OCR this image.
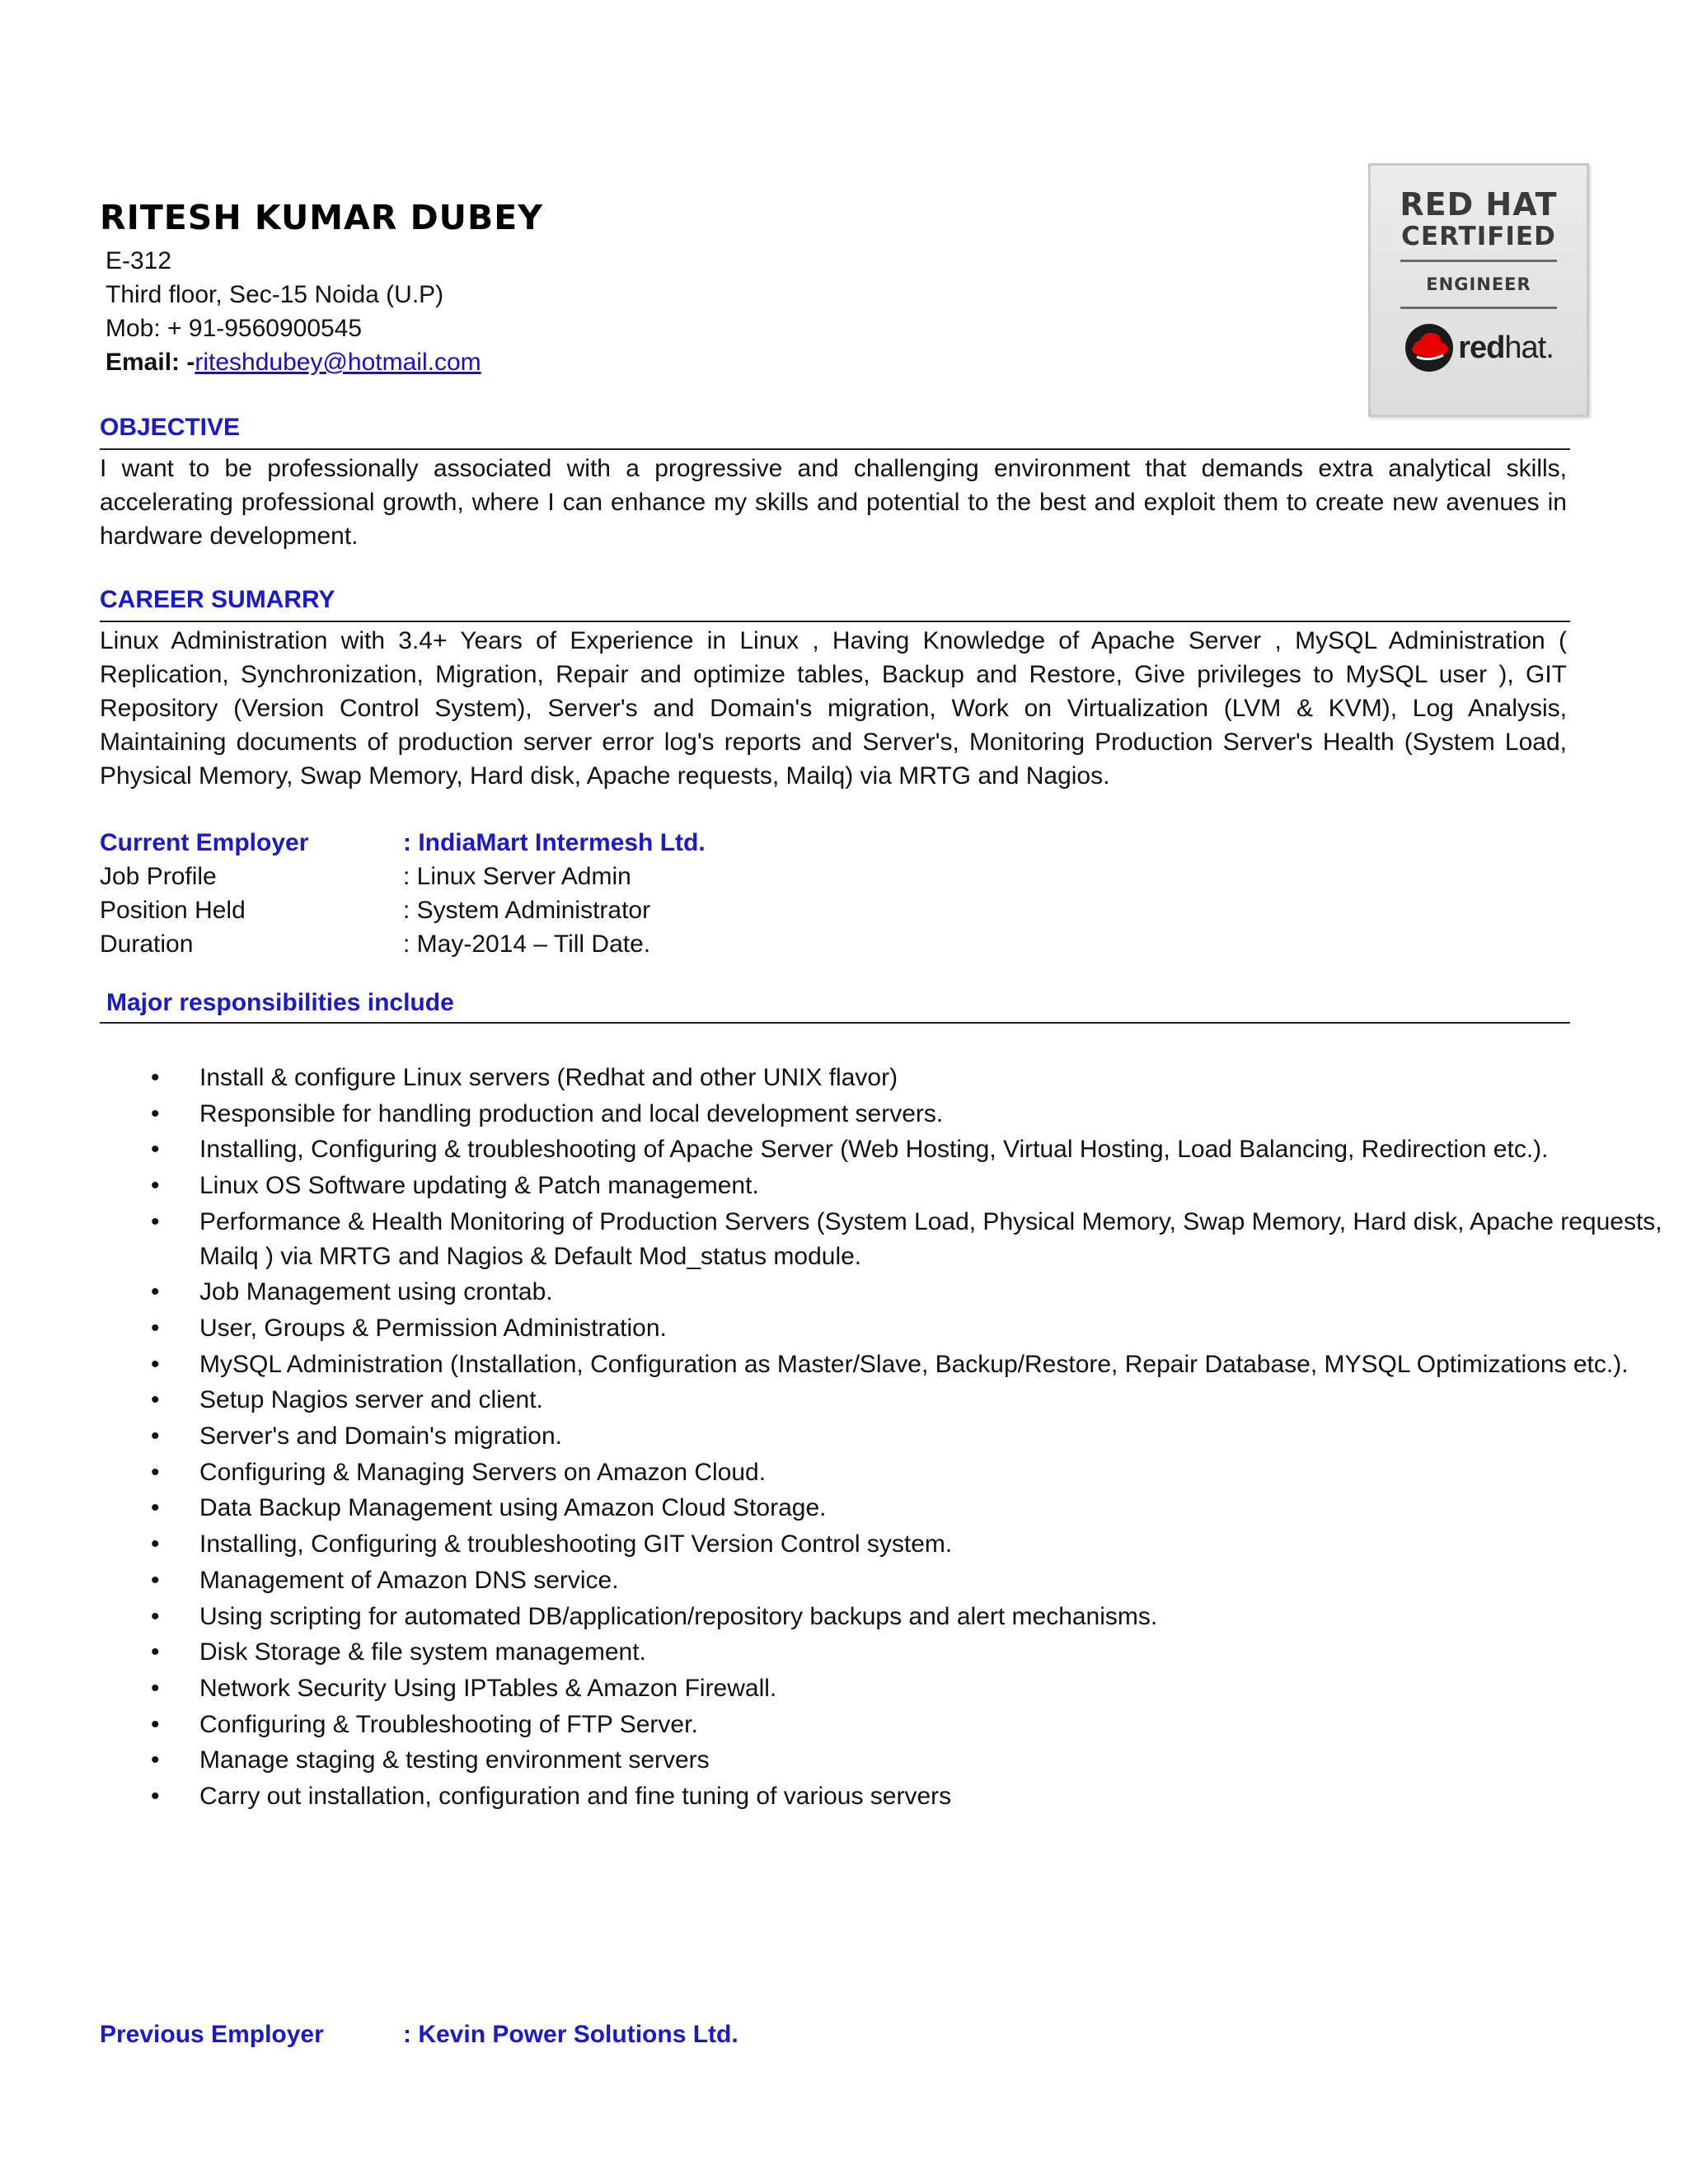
RITESH KUMAR DUBEY
E-312
Third floor, Sec-15 Noida (U.P)
Mob: + 91-9560900545
Email: -riteshdubey@hotmail.com
RED HAT
CERTIFIED
ENGINEER
redhat.
OBJECTIVE
I want to be professionally associated with a progressive and challenging environment that demands extra analytical skills, accelerating professional growth, where I can enhance my skills and potential to the best and exploit them to create new avenues in hardware development.
CAREER SUMARRY
Linux Administration with 3.4+ Years of Experience in Linux , Having Knowledge of Apache Server , MySQL Administration ( Replication, Synchronization, Migration, Repair and optimize tables, Backup and Restore, Give privileges to MySQL user ), GIT Repository (Version Control System), Server's and Domain's migration, Work on Virtualization (LVM & KVM), Log Analysis, Maintaining documents of production server error log's reports and Server's, Monitoring Production Server's Health (System Load, Physical Memory, Swap Memory, Hard disk, Apache requests, Mailq) via MRTG and Nagios.
Current Employer	: IndiaMart Intermesh Ltd.
Job Profile	: Linux Server Admin
Position Held	: System Administrator
Duration	: May-2014 – Till Date.
Major responsibilities include
• Install & configure Linux servers (Redhat and other UNIX flavor)
• Responsible for handling production and local development servers.
• Installing, Configuring & troubleshooting of Apache Server (Web Hosting, Virtual Hosting, Load Balancing, Redirection etc.).
• Linux OS Software updating & Patch management.
• Performance & Health Monitoring of Production Servers (System Load, Physical Memory, Swap Memory, Hard disk, Apache requests, Mailq ) via MRTG and Nagios & Default Mod_status module.
• Job Management using crontab.
• User, Groups & Permission Administration.
• MySQL Administration (Installation, Configuration as Master/Slave, Backup/Restore, Repair Database, MYSQL Optimizations etc.).
• Setup Nagios server and client.
• Server's and Domain's migration.
• Configuring & Managing Servers on Amazon Cloud.
• Data Backup Management using Amazon Cloud Storage.
• Installing, Configuring & troubleshooting GIT Version Control system.
• Management of Amazon DNS service.
• Using scripting for automated DB/application/repository backups and alert mechanisms.
• Disk Storage & file system management.
• Network Security Using IPTables & Amazon Firewall.
• Configuring & Troubleshooting of FTP Server.
• Manage staging & testing environment servers
• Carry out installation, configuration and fine tuning of various servers
Previous Employer	: Kevin Power Solutions Ltd.
